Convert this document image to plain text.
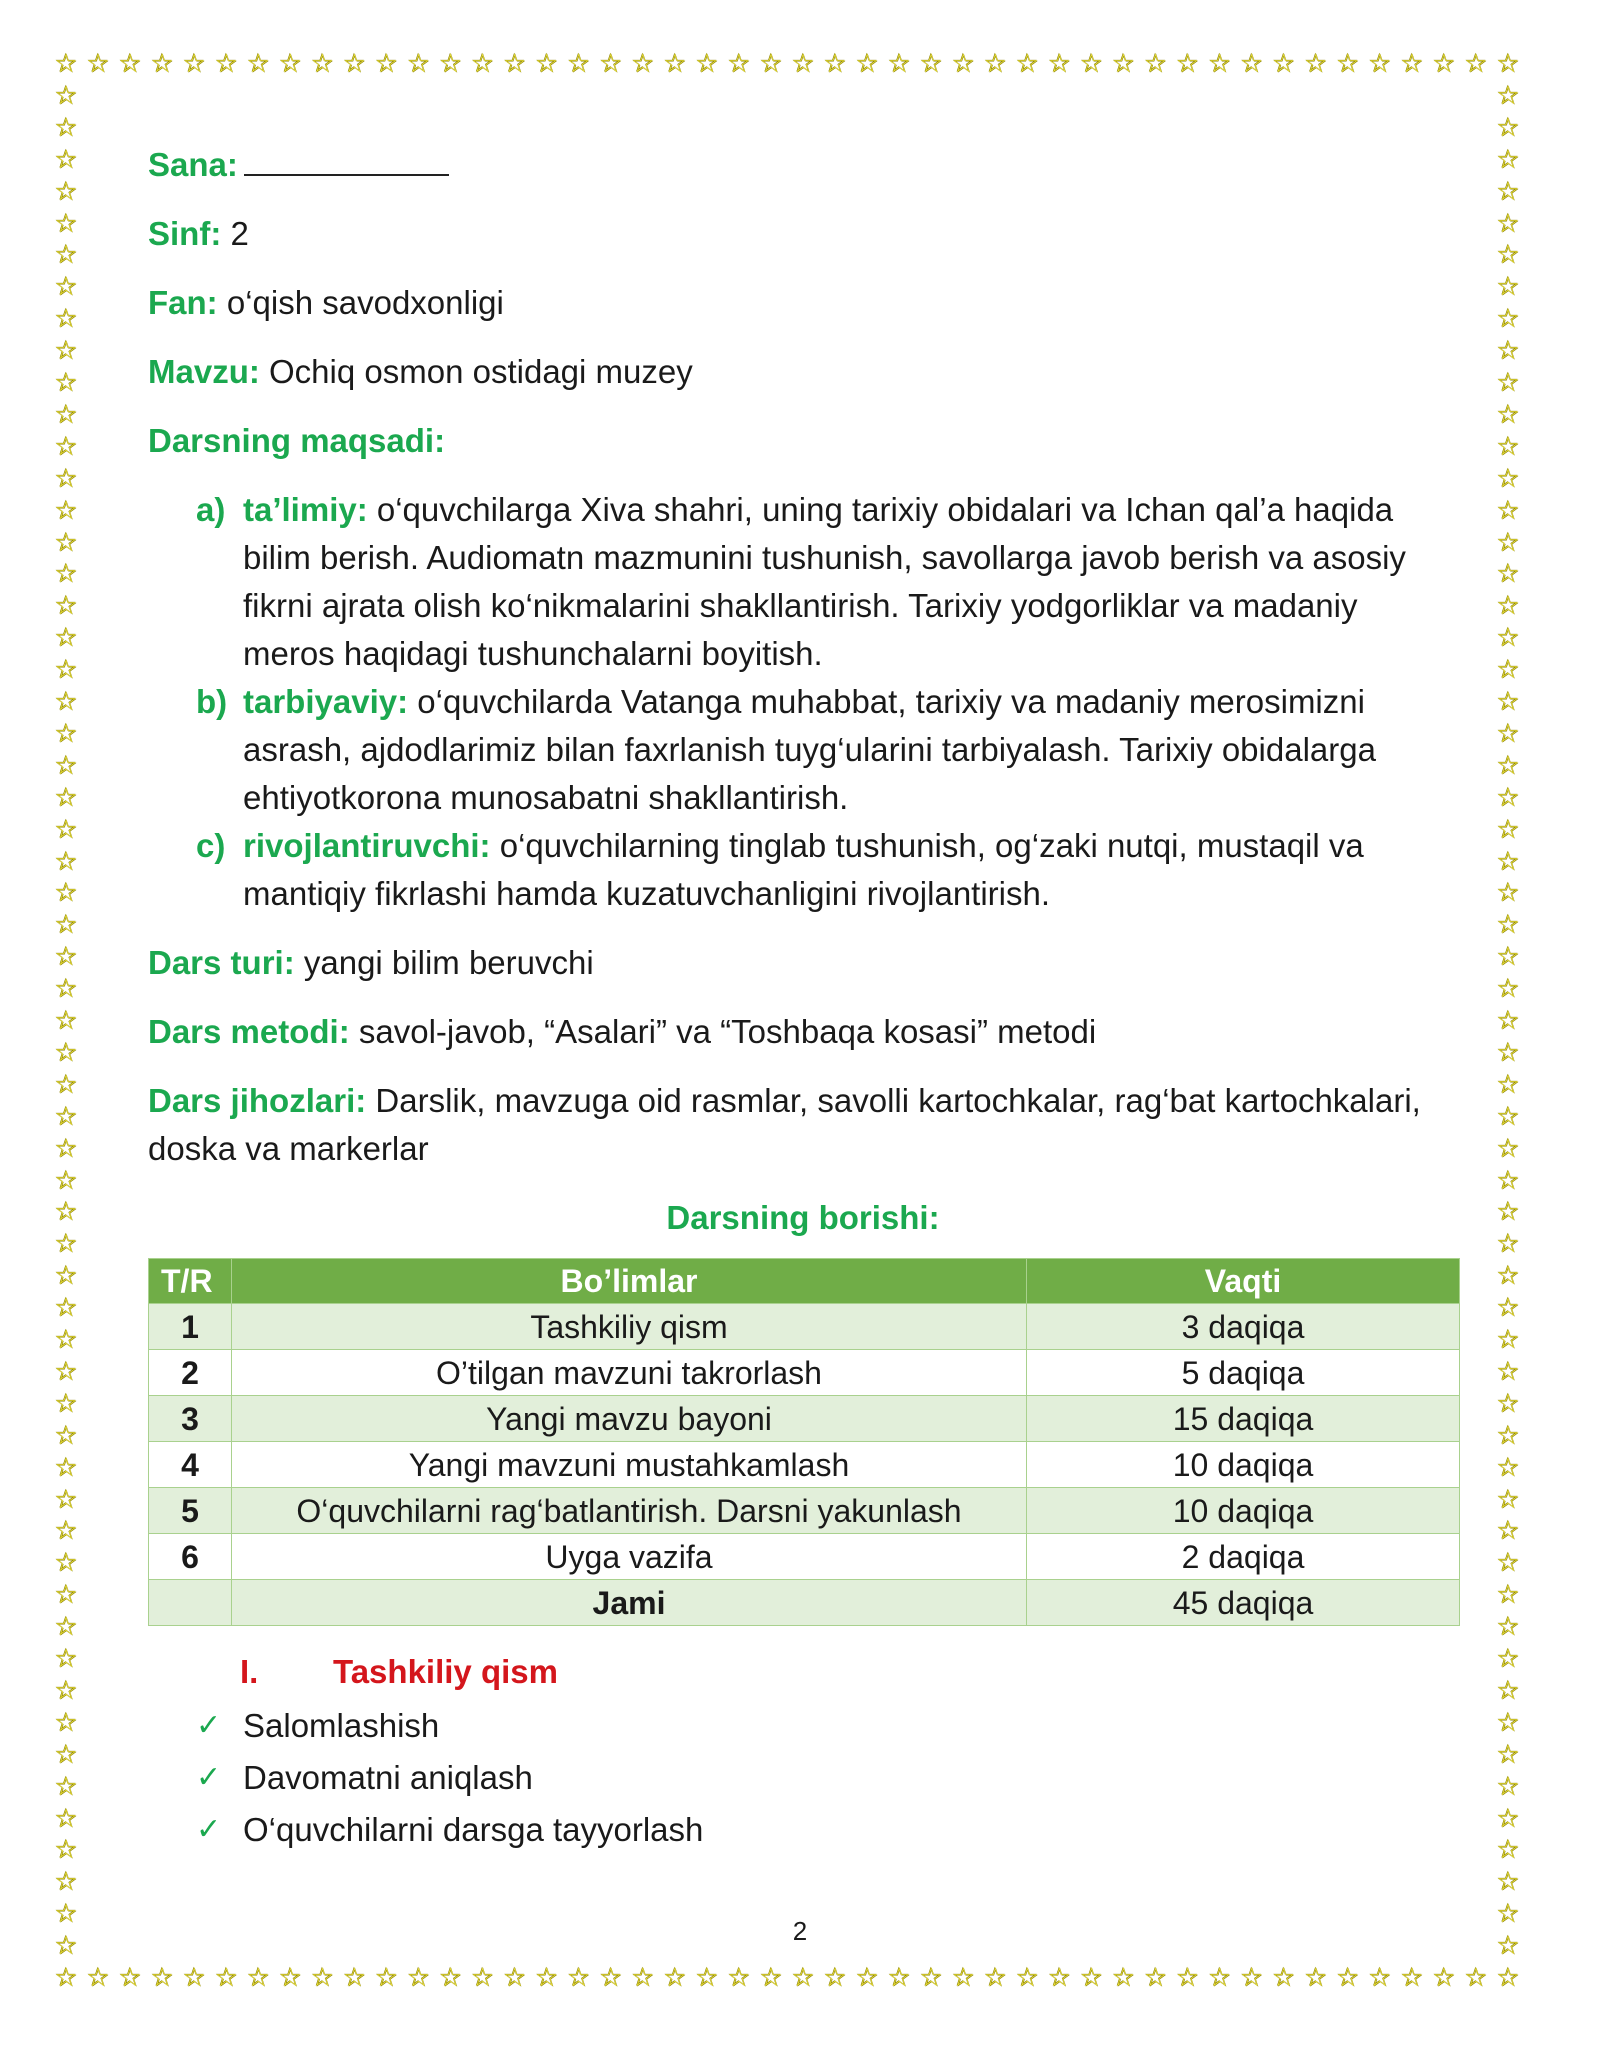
☆
☆
☆
☆
☆
☆
☆
☆
☆
☆
☆
☆
☆
☆
☆
☆
☆
☆
☆
☆
☆
☆
☆
☆
☆
☆
☆
☆
☆
☆
☆
☆
☆
☆
☆
☆
☆
☆
☆
☆
☆
☆
☆
☆
☆
☆
☆
☆
☆
☆
☆
☆
☆
☆
☆
☆
☆
☆
☆
☆
☆
☆
☆
☆
☆
☆
☆
☆
☆
☆
☆
☆
☆
☆
☆
☆
☆
☆
☆
☆
☆
☆
☆
☆
☆
☆
☆
☆
☆
☆
☆
☆
☆	☆
☆	☆
☆	☆
☆	☆
☆	☆
☆	☆
☆	☆
☆	☆
☆	☆
☆	☆
☆	☆
☆	☆
☆	☆
☆	☆
☆	☆
☆	☆
☆	☆
☆	☆
☆	☆
☆	☆
☆	☆
☆	☆
☆	☆
☆	☆
☆	☆
☆	☆
☆	☆
☆	☆
☆	☆
☆	☆
☆	☆
☆	☆
☆	☆
☆	☆
☆	☆
☆	☆
☆	☆
☆	☆
☆	☆
☆	☆
☆	☆
☆	☆
☆	☆
☆	☆
☆	☆
☆	☆
☆	☆
☆	☆
☆	☆
☆	☆
☆	☆
☆	☆
☆	☆
☆	☆
☆	☆
☆	☆
☆	☆
☆	☆
☆	☆
Sana:
Sinf: 2
Fan: o‘qish savodxonligi
Mavzu: Ochiq osmon ostidagi muzey
Darsning maqsadi:
a) ta’limiy: o‘quvchilarga Xiva shahri, uning tarixiy obidalari va Ichan qal’a haqida bilim berish. Audiomatn mazmunini tushunish, savollarga javob berish va asosiy fikrni ajrata olish ko‘nikmalarini shakllantirish. Tarixiy yodgorliklar va madaniy meros haqidagi tushunchalarni boyitish.
b) tarbiyaviy: o‘quvchilarda Vatanga muhabbat, tarixiy va madaniy merosimizni asrash, ajdodlarimiz bilan faxrlanish tuyg‘ularini tarbiyalash. Tarixiy obidalarga ehtiyotkorona munosabatni shakllantirish.
c) rivojlantiruvchi: o‘quvchilarning tinglab tushunish, og‘zaki nutqi, mustaqil va mantiqiy fikrlashi hamda kuzatuvchanligini rivojlantirish.
Dars turi: yangi bilim beruvchi
Dars metodi: savol-javob, “Asalari” va “Toshbaqa kosasi” metodi
Dars jihozlari: Darslik, mavzuga oid rasmlar, savolli kartochkalar, rag‘bat kartochkalari, doska va markerlar
Darsning borishi:
T/R	Bo’limlar	Vaqti
1	Tashkiliy qism	3 daqiqa
2	O’tilgan mavzuni takrorlash	5 daqiqa
3	Yangi mavzu bayoni	15 daqiqa
4	Yangi mavzuni mustahkamlash	10 daqiqa
5	O‘quvchilarni rag‘batlantirish. Darsni yakunlash	10 daqiqa
6	Uyga vazifa	2 daqiqa
	Jami	45 daqiqa
I. Tashkiliy qism
✓ Salomlashish
✓ Davomatni aniqlash
✓ O‘quvchilarni darsga tayyorlash
2
